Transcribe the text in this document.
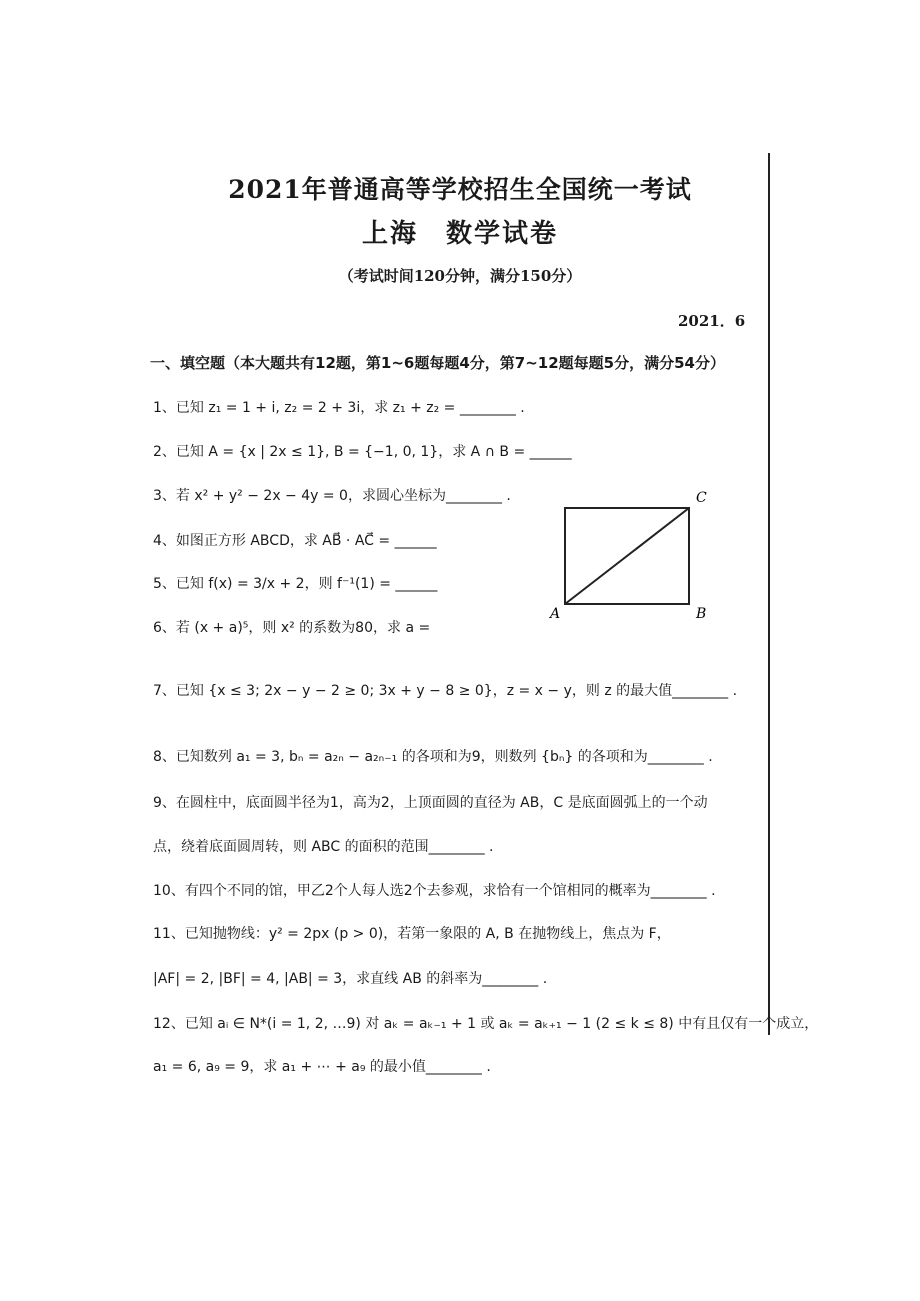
2021年普通高等学校招生全国统一考试
上海　数学试卷
（考试时间120分钟，满分150分）
2021．6
一、填空题（本大题共有12题，第1~6题每题4分，第7~12题每题5分，满分54分）
1、已知 z₁ = 1 + i, z₂ = 2 + 3i，求 z₁ + z₂ = ________ .
2、已知 A = {x | 2x ≤ 1}, B = {−1, 0, 1}，求 A ∩ B = ______
3、若 x² + y² − 2x − 4y = 0，求圆心坐标为________ .
4、如图正方形 ABCD，求 AB⃗ · AC⃗ = ______
5、已知 f(x) = 3/x + 2，则 f⁻¹(1) = ______
6、若 (x + a)⁵，则 x² 的系数为80，求 a =
7、已知 {x ≤ 3; 2x − y − 2 ≥ 0; 3x + y − 8 ≥ 0}，z = x − y，则 z 的最大值________ .
8、已知数列 a₁ = 3, bₙ = a₂ₙ − a₂ₙ₋₁ 的各项和为9，则数列 {bₙ} 的各项和为________ .
9、在圆柱中，底面圆半径为1，高为2，上顶面圆的直径为 AB，C 是底面圆弧上的一个动
点，绕着底面圆周转，则 ABC 的面积的范围________ .
10、有四个不同的馆，甲乙2个人每人选2个去参观，求恰有一个馆相同的概率为________ .
11、已知抛物线：y² = 2px (p > 0)，若第一象限的 A, B 在抛物线上，焦点为 F，
|AF| = 2, |BF| = 4, |AB| = 3，求直线 AB 的斜率为________ .
12、已知 aᵢ ∈ N*(i = 1, 2, …9) 对 aₖ = aₖ₋₁ + 1 或 aₖ = aₖ₊₁ − 1 (2 ≤ k ≤ 8) 中有且仅有一个成立，
a₁ = 6, a₉ = 9，求 a₁ + ⋯ + a₉ 的最小值________ .
A	B
C
